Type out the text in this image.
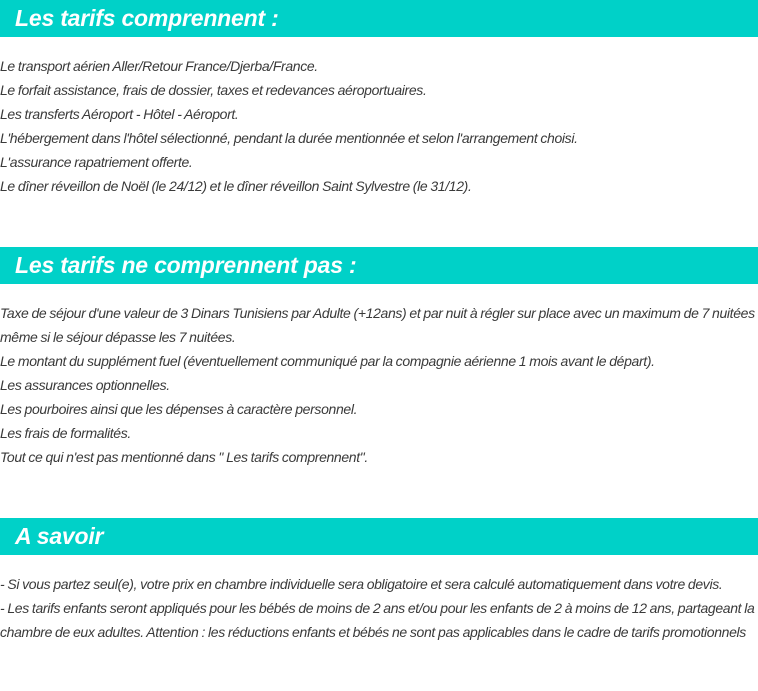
Les tarifs comprennent :

Le transport aérien Aller/Retour France/Djerba/France.

Le forfait assistance, frais de dossier, taxes et redevances aéroportuaires.

Les transferts Aéroport - Hôtel - Aéroport.

L'hébergement dans l'hôtel sélectionné, pendant la durée mentionnée et selon l'arrangement choisi.

L'assurance rapatriement offerte.

Le dîner réveillon de Noël (le 24/12) et le dîner réveillon Saint Sylvestre (le 31/12).

Les tarifs ne comprennent pas :

Taxe de séjour d'une valeur de 3 Dinars Tunisiens par Adulte (+12ans) et par nuit à régler sur place avec un maximum de 7 nuitées même si le séjour dépasse les 7 nuitées.

Le montant du supplément fuel (éventuellement communiqué par la compagnie aérienne 1 mois avant le départ).

Les assurances optionnelles.

Les pourboires ainsi que les dépenses à caractère personnel.

Les frais de formalités.

Tout ce qui n'est pas mentionné dans " Les tarifs comprennent".

A savoir

- Si vous partez seul(e), votre prix en chambre individuelle sera obligatoire et sera calculé automatiquement dans votre devis.

- Les tarifs enfants seront appliqués pour les bébés de moins de 2 ans et/ou pour les enfants de 2 à moins de 12 ans, partageant la chambre de eux adultes. Attention : les réductions enfants et bébés ne sont pas applicables dans le cadre de tarifs promotionnels
